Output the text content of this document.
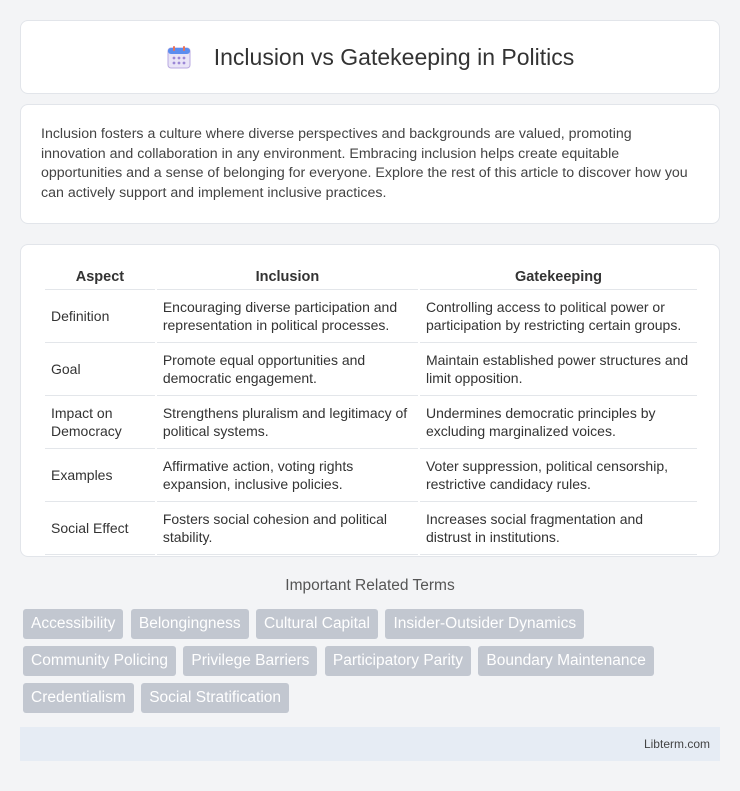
Inclusion vs Gatekeeping in Politics

Inclusion fosters a culture where diverse perspectives and backgrounds are valued, promoting innovation and collaboration in any environment. Embracing inclusion helps create equitable opportunities and a sense of belonging for everyone. Explore the rest of this article to discover how you can actively support and implement inclusive practices.

Aspect	Inclusion	Gatekeeping
Definition	Encouraging diverse participation and representation in political processes.	Controlling access to political power or participation by restricting certain groups.
Goal	Promote equal opportunities and democratic engagement.	Maintain established power structures and limit opposition.
Impact on Democracy	Strengthens pluralism and legitimacy of political systems.	Undermines democratic principles by excluding marginalized voices.
Examples	Affirmative action, voting rights expansion, inclusive policies.	Voter suppression, political censorship, restrictive candidacy rules.
Social Effect	Fosters social cohesion and political stability.	Increases social fragmentation and distrust in institutions.
Important Related Terms
Accessibility Belongingness Cultural Capital Insider-Outsider Dynamics Community Policing Privilege Barriers Participatory Parity Boundary Maintenance Credentialism Social Stratification
Libterm.com
